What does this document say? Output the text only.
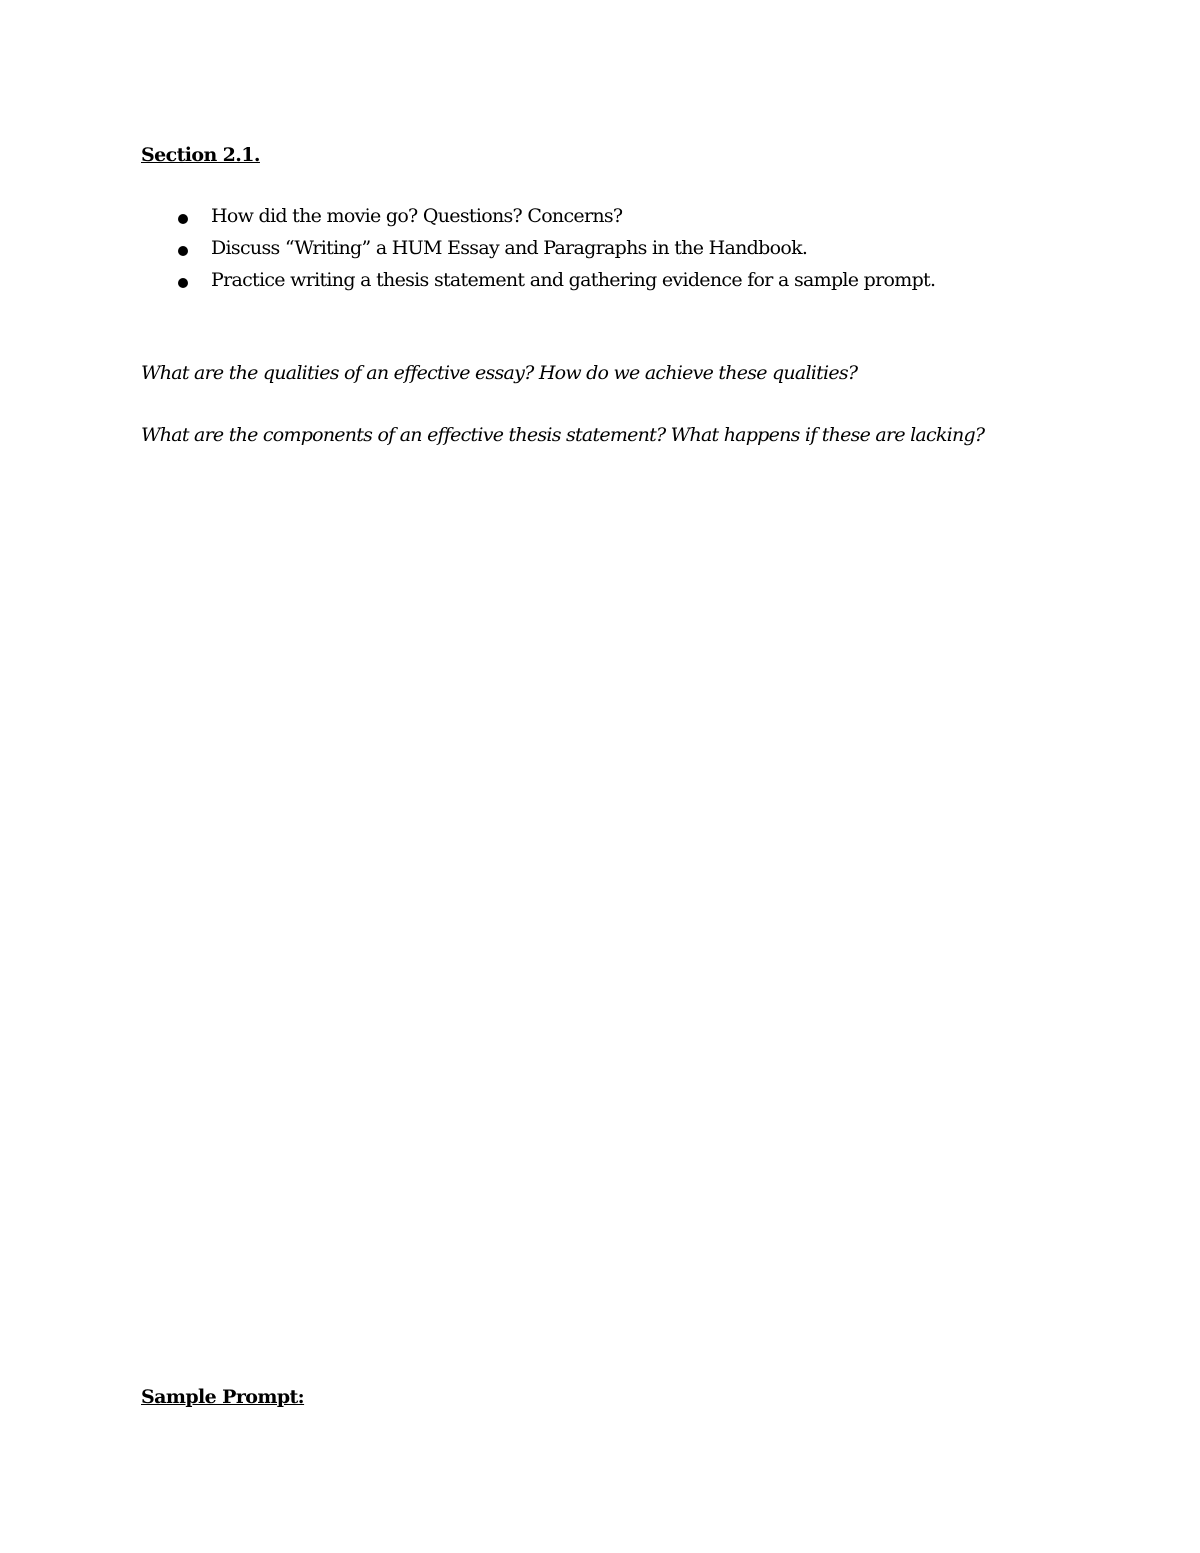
Section 2.1.
How did the movie go? Questions? Concerns?
Discuss “Writing” a HUM Essay and Paragraphs in the Handbook.
Practice writing a thesis statement and gathering evidence for a sample prompt.
What are the qualities of an effective essay? How do we achieve these qualities?
What are the components of an effective thesis statement? What happens if these are lacking?
Sample Prompt:
